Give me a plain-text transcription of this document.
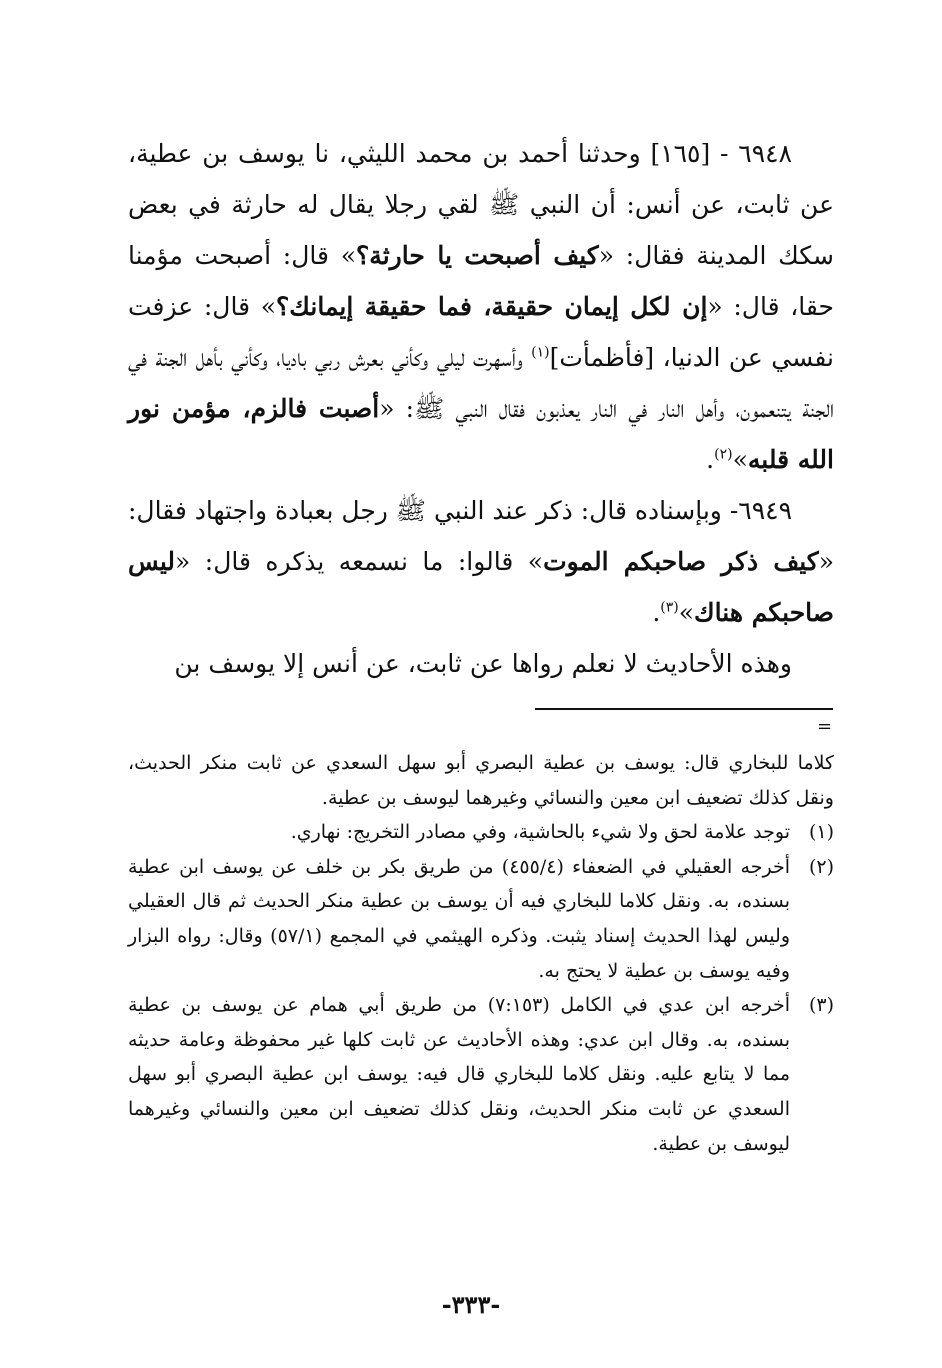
٦٩٤٨ - [١٦٥] وحدثنا أحمد بن محمد الليثي، نا يوسف بن عطية، عن ثابت، عن أنس: أن النبي ﷺ لقي رجلا يقال له حارثة في بعض سكك المدينة فقال: «كيف أصبحت يا حارثة؟» قال: أصبحت مؤمنا حقا، قال: «إن لكل إيمان حقيقة، فما حقيقة إيمانك؟» قال: عزفت نفسي عن الدنيا، [فأظمأت]$^{(١)}$ وأسهرت ليلي وكأني بعرش ربي باديا، وكأني بأهل الجنة في الجنة يتنعمون، وأهل النار في النار يعذبون فقال النبي ﷺ: «أصبت فالزم، مؤمن نور الله قلبه»$^{(٢)}$.

٦٩٤٩- وبإسناده قال: ذكر عند النبي ﷺ رجل بعبادة واجتهاد فقال: «كيف ذكر صاحبكم الموت» قالوا: ما نسمعه يذكره قال: «ليس صاحبكم هناك»$^{(٣)}$.

وهذه الأحاديث لا نعلم رواها عن ثابت، عن أنس إلا يوسف بن

=

كلاما للبخاري قال: يوسف بن عطية البصري أبو سهل السعدي عن ثابت منكر الحديث، ونقل كذلك تضعيف ابن معين والنسائي وغيرهما ليوسف بن عطية.

(١)
توجد علامة لحق ولا شيء بالحاشية، وفي مصادر التخريج: نهاري.
(٢)
أخرجه العقيلي في الضعفاء (٤٥٥/٤) من طريق بكر بن خلف عن يوسف ابن عطية بسنده، به. ونقل كلاما للبخاري فيه أن يوسف بن عطية منكر الحديث ثم قال العقيلي وليس لهذا الحديث إسناد يثبت. وذكره الهيثمي في المجمع (٥٧/١) وقال: رواه البزار وفيه يوسف بن عطية لا يحتج به.
(٣)
أخرجه ابن عدي في الكامل (٧:١٥٣) من طريق أبي همام عن يوسف بن عطية بسنده، به. وقال ابن عدي: وهذه الأحاديث عن ثابت كلها غير محفوظة وعامة حديثه مما لا يتابع عليه. ونقل كلاما للبخاري قال فيه: يوسف ابن عطية البصري أبو سهل السعدي عن ثابت منكر الحديث، ونقل كذلك تضعيف ابن معين والنسائي وغيرهما ليوسف بن عطية.
-٣٣٣-
